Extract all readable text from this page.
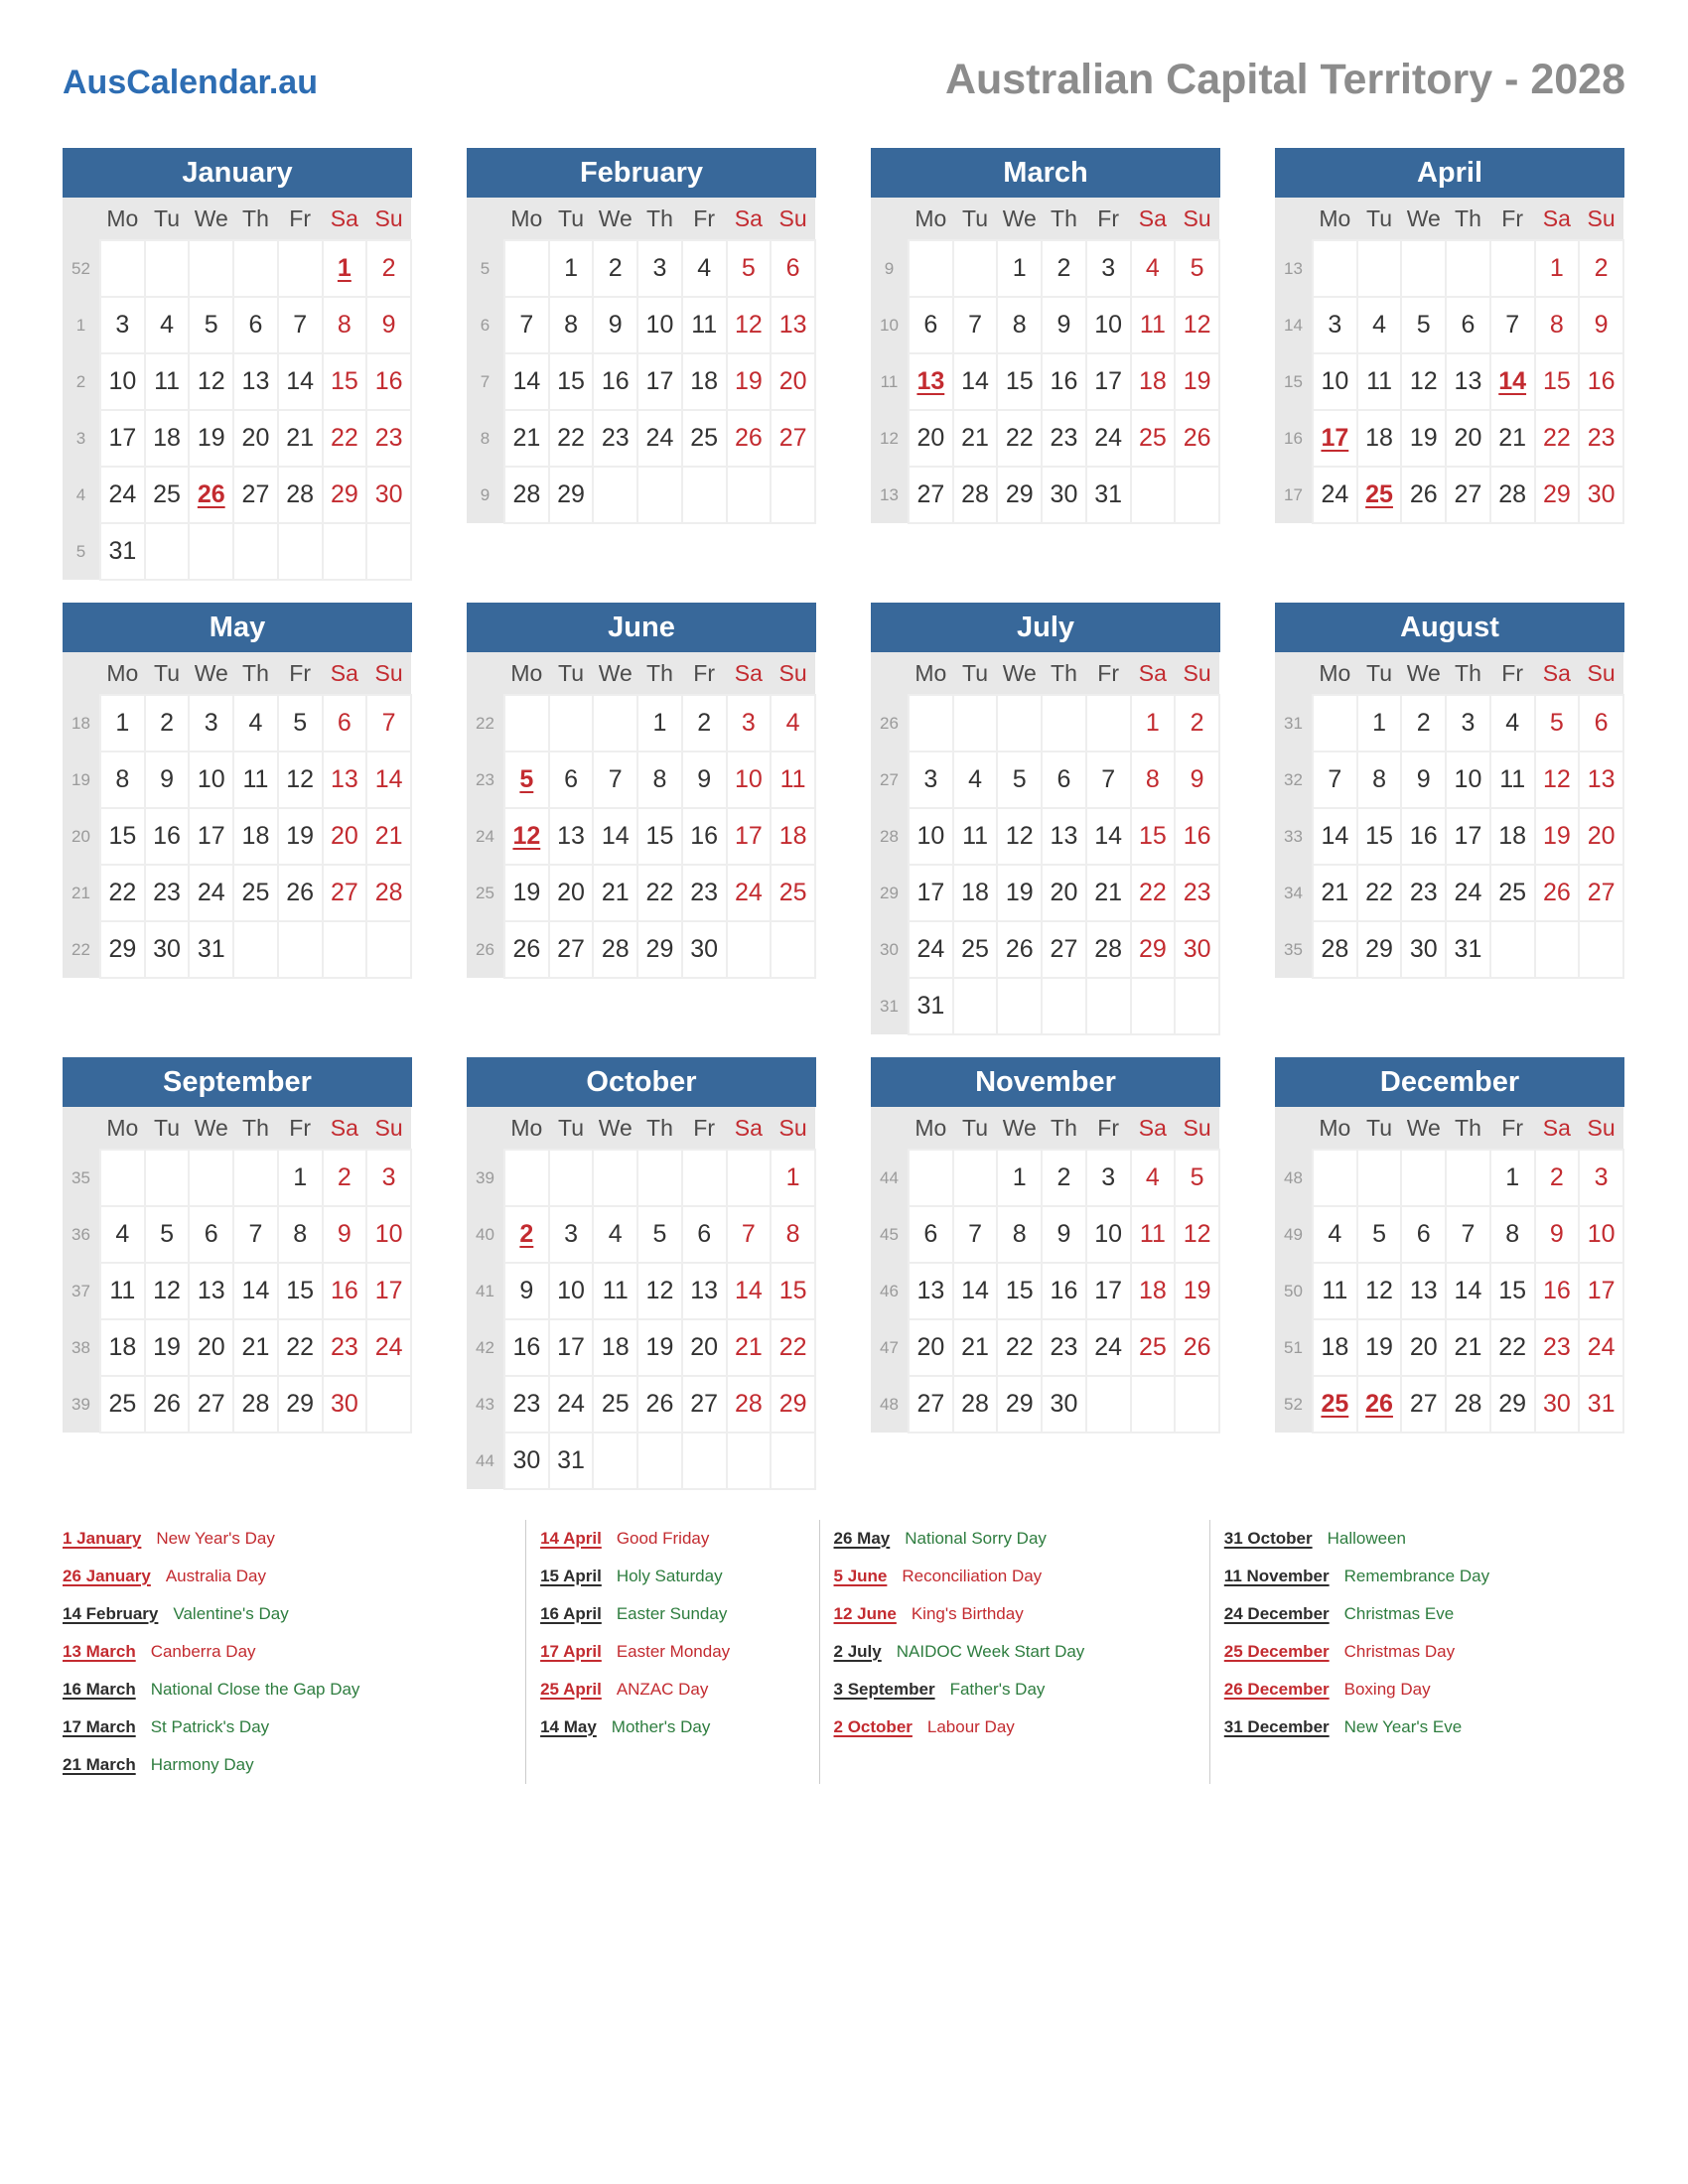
AusCalendar.au	Australian Capital Territory - 2028
January
	Mo	Tu	We	Th	Fr	Sa	Su
52						1	2
1	3	4	5	6	7	8	9
2	10	11	12	13	14	15	16
3	17	18	19	20	21	22	23
4	24	25	26	27	28	29	30
5	31						
February
	Mo	Tu	We	Th	Fr	Sa	Su
5		1	2	3	4	5	6
6	7	8	9	10	11	12	13
7	14	15	16	17	18	19	20
8	21	22	23	24	25	26	27
9	28	29					
March
	Mo	Tu	We	Th	Fr	Sa	Su
9			1	2	3	4	5
10	6	7	8	9	10	11	12
11	13	14	15	16	17	18	19
12	20	21	22	23	24	25	26
13	27	28	29	30	31		
April
	Mo	Tu	We	Th	Fr	Sa	Su
13						1	2
14	3	4	5	6	7	8	9
15	10	11	12	13	14	15	16
16	17	18	19	20	21	22	23
17	24	25	26	27	28	29	30
May
	Mo	Tu	We	Th	Fr	Sa	Su
18	1	2	3	4	5	6	7
19	8	9	10	11	12	13	14
20	15	16	17	18	19	20	21
21	22	23	24	25	26	27	28
22	29	30	31				
June
	Mo	Tu	We	Th	Fr	Sa	Su
22				1	2	3	4
23	5	6	7	8	9	10	11
24	12	13	14	15	16	17	18
25	19	20	21	22	23	24	25
26	26	27	28	29	30		
July
	Mo	Tu	We	Th	Fr	Sa	Su
26						1	2
27	3	4	5	6	7	8	9
28	10	11	12	13	14	15	16
29	17	18	19	20	21	22	23
30	24	25	26	27	28	29	30
31	31						
August
	Mo	Tu	We	Th	Fr	Sa	Su
31		1	2	3	4	5	6
32	7	8	9	10	11	12	13
33	14	15	16	17	18	19	20
34	21	22	23	24	25	26	27
35	28	29	30	31			
September
	Mo	Tu	We	Th	Fr	Sa	Su
35					1	2	3
36	4	5	6	7	8	9	10
37	11	12	13	14	15	16	17
38	18	19	20	21	22	23	24
39	25	26	27	28	29	30	
October
	Mo	Tu	We	Th	Fr	Sa	Su
39							1
40	2	3	4	5	6	7	8
41	9	10	11	12	13	14	15
42	16	17	18	19	20	21	22
43	23	24	25	26	27	28	29
44	30	31					
November
	Mo	Tu	We	Th	Fr	Sa	Su
44			1	2	3	4	5
45	6	7	8	9	10	11	12
46	13	14	15	16	17	18	19
47	20	21	22	23	24	25	26
48	27	28	29	30			
December
	Mo	Tu	We	Th	Fr	Sa	Su
48					1	2	3
49	4	5	6	7	8	9	10
50	11	12	13	14	15	16	17
51	18	19	20	21	22	23	24
52	25	26	27	28	29	30	31
1 January New Year's Day
26 January Australia Day
14 February Valentine's Day
13 March Canberra Day
16 March National Close the Gap Day
17 March St Patrick's Day
21 March Harmony Day
14 April Good Friday
15 April Holy Saturday
16 April Easter Sunday
17 April Easter Monday
25 April ANZAC Day
14 May Mother's Day
26 May National Sorry Day
5 June Reconciliation Day
12 June King's Birthday
2 July NAIDOC Week Start Day
3 September Father's Day
2 October Labour Day
31 October Halloween
11 November Remembrance Day
24 December Christmas Eve
25 December Christmas Day
26 December Boxing Day
31 December New Year's Eve
